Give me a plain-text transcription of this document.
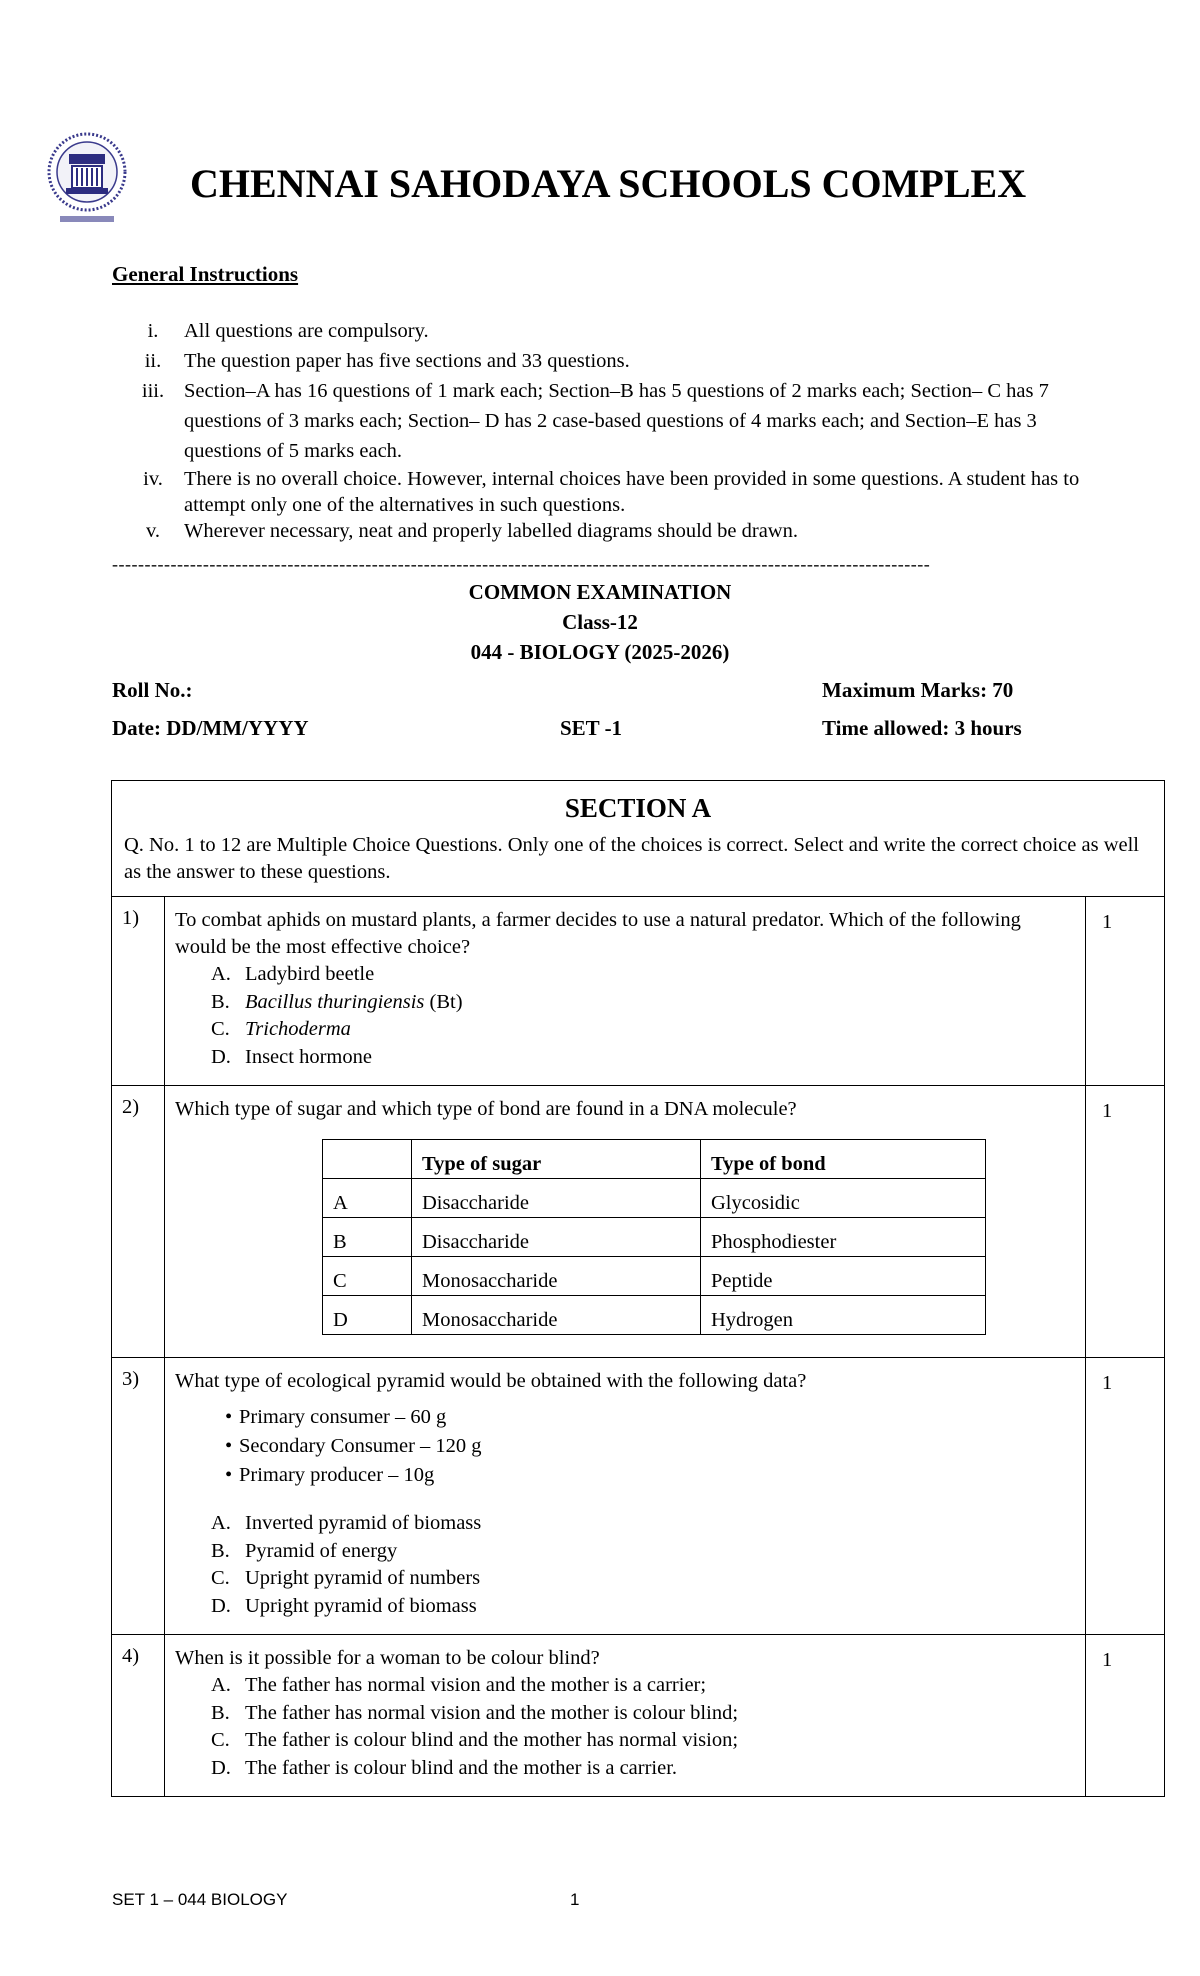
CHENNAI SAHODAYA SCHOOLS COMPLEX
General Instructions
i.	All questions are compulsory.
ii.	The question paper has five sections and 33 questions.
iii. Section–A has 16 questions of 1 mark each; Section–B has 5 questions of 2 marks each; Section– C has 7 questions of 3 marks each; Section– D has 2 case-based questions of 4 marks each; and Section–E has 3 questions of 5 marks each.
iv.	There is no overall choice. However, internal choices have been provided in some questions. A student has to attempt only one of the alternatives in such questions.
v.	Wherever necessary, neat and properly labelled diagrams should be drawn.
------------------------------------------------------------------------------------------------------------------------------
COMMON EXAMINATION
Class-12
044 - BIOLOGY (2025-2026)
Roll No.:	Maximum Marks: 70
Date: DD/MM/YYYY	SET -1	Time allowed: 3 hours
SECTION A
Q. No. 1 to 12 are Multiple Choice Questions. Only one of the choices is correct. Select and write the correct choice as well as the answer to these questions.

1)	To combat aphids on mustard plants, a farmer decides to use a natural predator. Which of the following would be the most effective choice?
A. Ladybird beetle
B. Bacillus thuringiensis (Bt)
C. Trichoderma
D. Insect hormone
	1
2)	Which type of sugar and which type of bond are found in a DNA molecule?
	Type of sugar	Type of bond
A	Disaccharide	Glycosidic
B	Disaccharide	Phosphodiester
C	Monosaccharide	Peptide
D	Monosaccharide	Hydrogen
	1
3)	What type of ecological pyramid would be obtained with the following data?
• Primary consumer – 60 g
• Secondary Consumer – 120 g
• Primary producer – 10g
A. Inverted pyramid of biomass
B. Pyramid of energy
C. Upright pyramid of numbers
D. Upright pyramid of biomass
	1
4)	When is it possible for a woman to be colour blind?
A. The father has normal vision and the mother is a carrier;
B. The father has normal vision and the mother is colour blind;
C. The father is colour blind and the mother has normal vision;
D. The father is colour blind and the mother is a carrier.
	1
SET 1 – 044 BIOLOGY	1
